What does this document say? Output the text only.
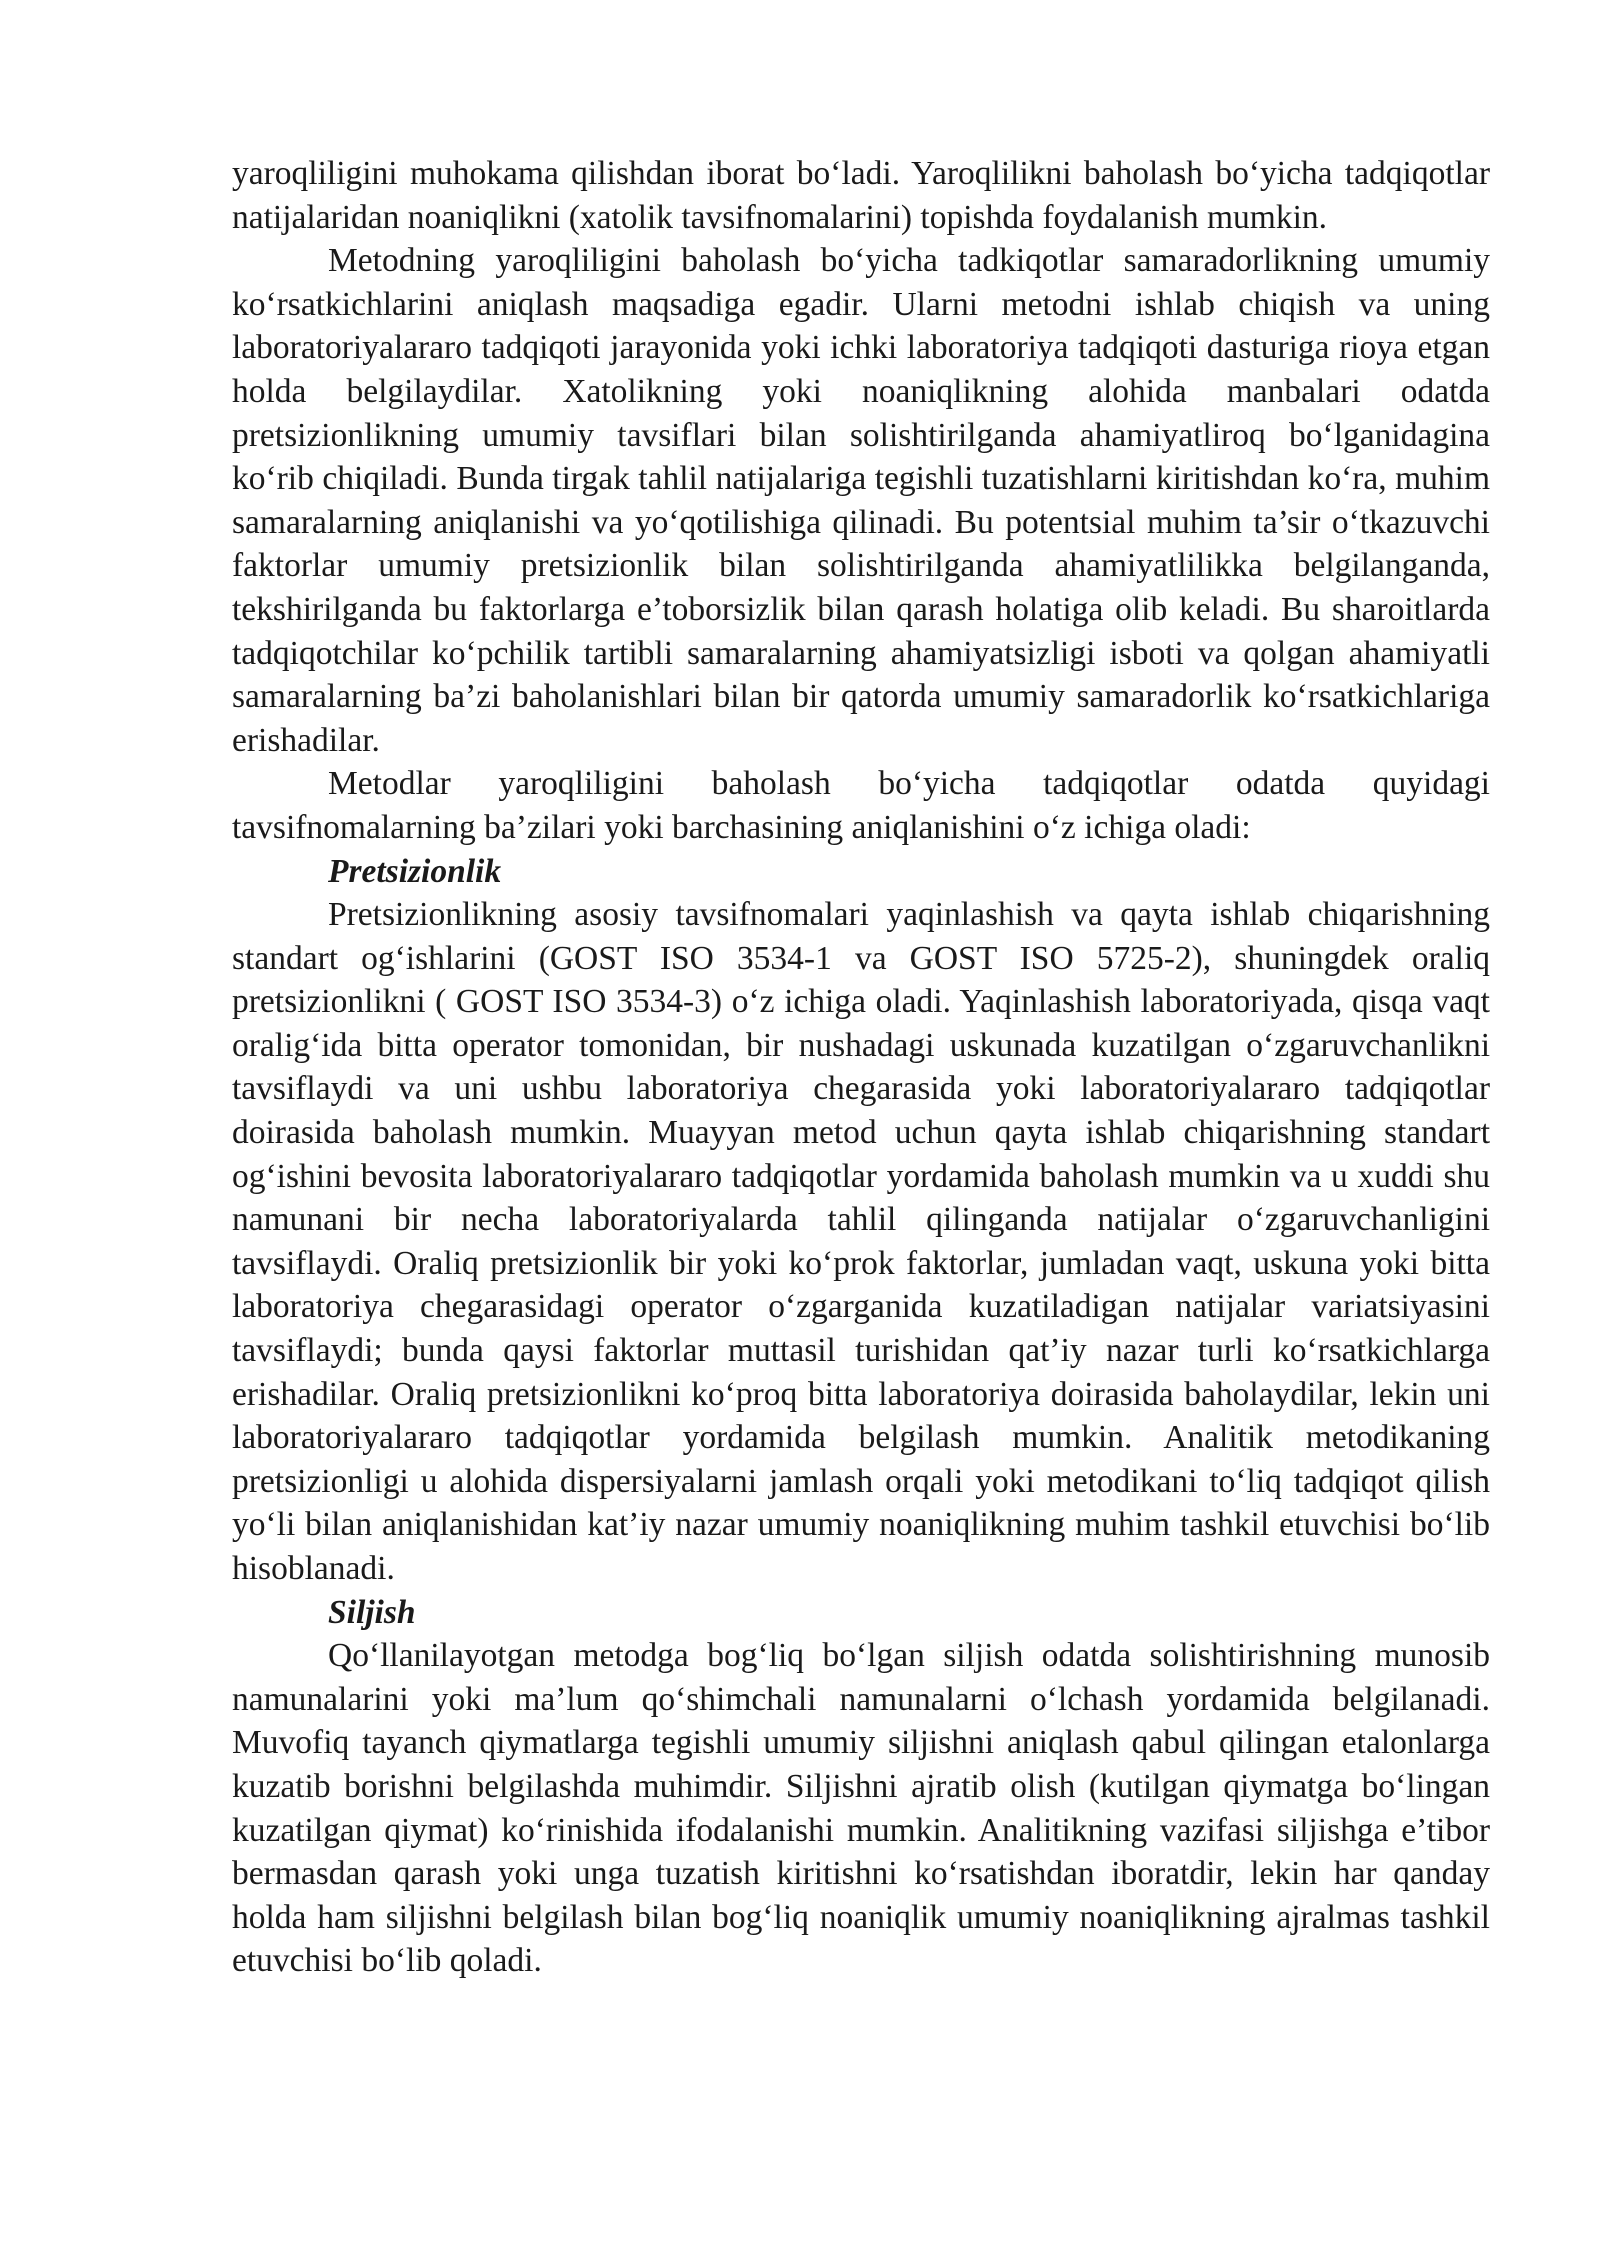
yaroqliligini muhokama qilishdan iborat bo‘ladi. Yaroqlilikni baholash bo‘yicha tadqiqotlar natijalaridan noaniqlikni (xatolik tavsifnomalarini) topishda foydalanish mumkin.

Metodning yaroqliligini baholash bo‘yicha tadkiqotlar samaradorlikning umumiy ko‘rsatkichlarini aniqlash maqsadiga egadir. Ularni metodni ishlab chiqish va uning laboratoriyalararo tadqiqoti jarayonida yoki ichki laboratoriya tadqiqoti dasturiga rioya etgan holda belgilaydilar. Xatolikning yoki noaniqlikning alohida manbalari odatda pretsizionlikning umumiy tavsiflari bilan solishtirilganda ahamiyatliroq bo‘lganidagina ko‘rib chiqiladi. Bunda tirgak tahlil natijalariga tegishli tuzatishlarni kiritishdan ko‘ra, muhim samaralarning aniqlanishi va yo‘qotilishiga qilinadi. Bu potentsial muhim ta’sir o‘tkazuvchi faktorlar umumiy pretsizionlik bilan solishtirilganda ahamiyatlilikka belgilanganda, tekshirilganda bu faktorlarga e’toborsizlik bilan qarash holatiga olib keladi. Bu sharoitlarda tadqiqotchilar ko‘pchilik tartibli samaralarning ahamiyatsizligi isboti va qolgan ahamiyatli samaralarning ba’zi baholanishlari bilan bir qatorda umumiy samaradorlik ko‘rsatkichlariga erishadilar.

Metodlar yaroqliligini baholash bo‘yicha tadqiqotlar odatda quyidagi tavsifnomalarning ba’zilari yoki barchasining aniqlanishini o‘z ichiga oladi:

Pretsizionlik

Pretsizionlikning asosiy tavsifnomalari yaqinlashish va qayta ishlab chiqarishning standart og‘ishlarini (GOST ISO 3534-1 va GOST ISO 5725-2), shuningdek oraliq pretsizionlikni ( GOST ISO 3534-3) o‘z ichiga oladi. Yaqinlashish laboratoriyada, qisqa vaqt oralig‘ida bitta operator tomonidan, bir nushadagi uskunada kuzatilgan o‘zgaruvchanlikni tavsiflaydi va uni ushbu laboratoriya chegarasida yoki laboratoriyalararo tadqiqotlar doirasida baholash mumkin. Muayyan metod uchun qayta ishlab chiqarishning standart og‘ishini bevosita laboratoriyalararo tadqiqotlar yordamida baholash mumkin va u xuddi shu namunani bir necha laboratoriyalarda tahlil qilinganda natijalar o‘zgaruvchanligini tavsiflaydi. Oraliq pretsizionlik bir yoki ko‘prok faktorlar, jumladan vaqt, uskuna yoki bitta laboratoriya chegarasidagi operator o‘zgarganida kuzatiladigan natijalar variatsiyasini tavsiflaydi; bunda qaysi faktorlar muttasil turishidan qat’iy nazar turli ko‘rsatkichlarga erishadilar. Oraliq pretsizionlikni ko‘proq bitta laboratoriya doirasida baholaydilar, lekin uni laboratoriyalararo tadqiqotlar yordamida belgilash mumkin. Analitik metodikaning pretsizionligi u alohida dispersiyalarni jamlash orqali yoki metodikani to‘liq tadqiqot qilish yo‘li bilan aniqlanishidan kat’iy nazar umumiy noaniqlikning muhim tashkil etuvchisi bo‘lib hisoblanadi.

Siljish

Qo‘llanilayotgan metodga bog‘liq bo‘lgan siljish odatda solishtirishning munosib namunalarini yoki ma’lum qo‘shimchali namunalarni o‘lchash yordamida belgilanadi. Muvofiq tayanch qiymatlarga tegishli umumiy siljishni aniqlash qabul qilingan etalonlarga kuzatib borishni belgilashda muhimdir. Siljishni ajratib olish (kutilgan qiymatga bo‘lingan kuzatilgan qiymat) ko‘rinishida ifodalanishi mumkin. Analitikning vazifasi siljishga e’tibor bermasdan qarash yoki unga tuzatish kiritishni ko‘rsatishdan iboratdir, lekin har qanday holda ham siljishni belgilash bilan bog‘liq noaniqlik umumiy noaniqlikning ajralmas tashkil etuvchisi bo‘lib qoladi.
